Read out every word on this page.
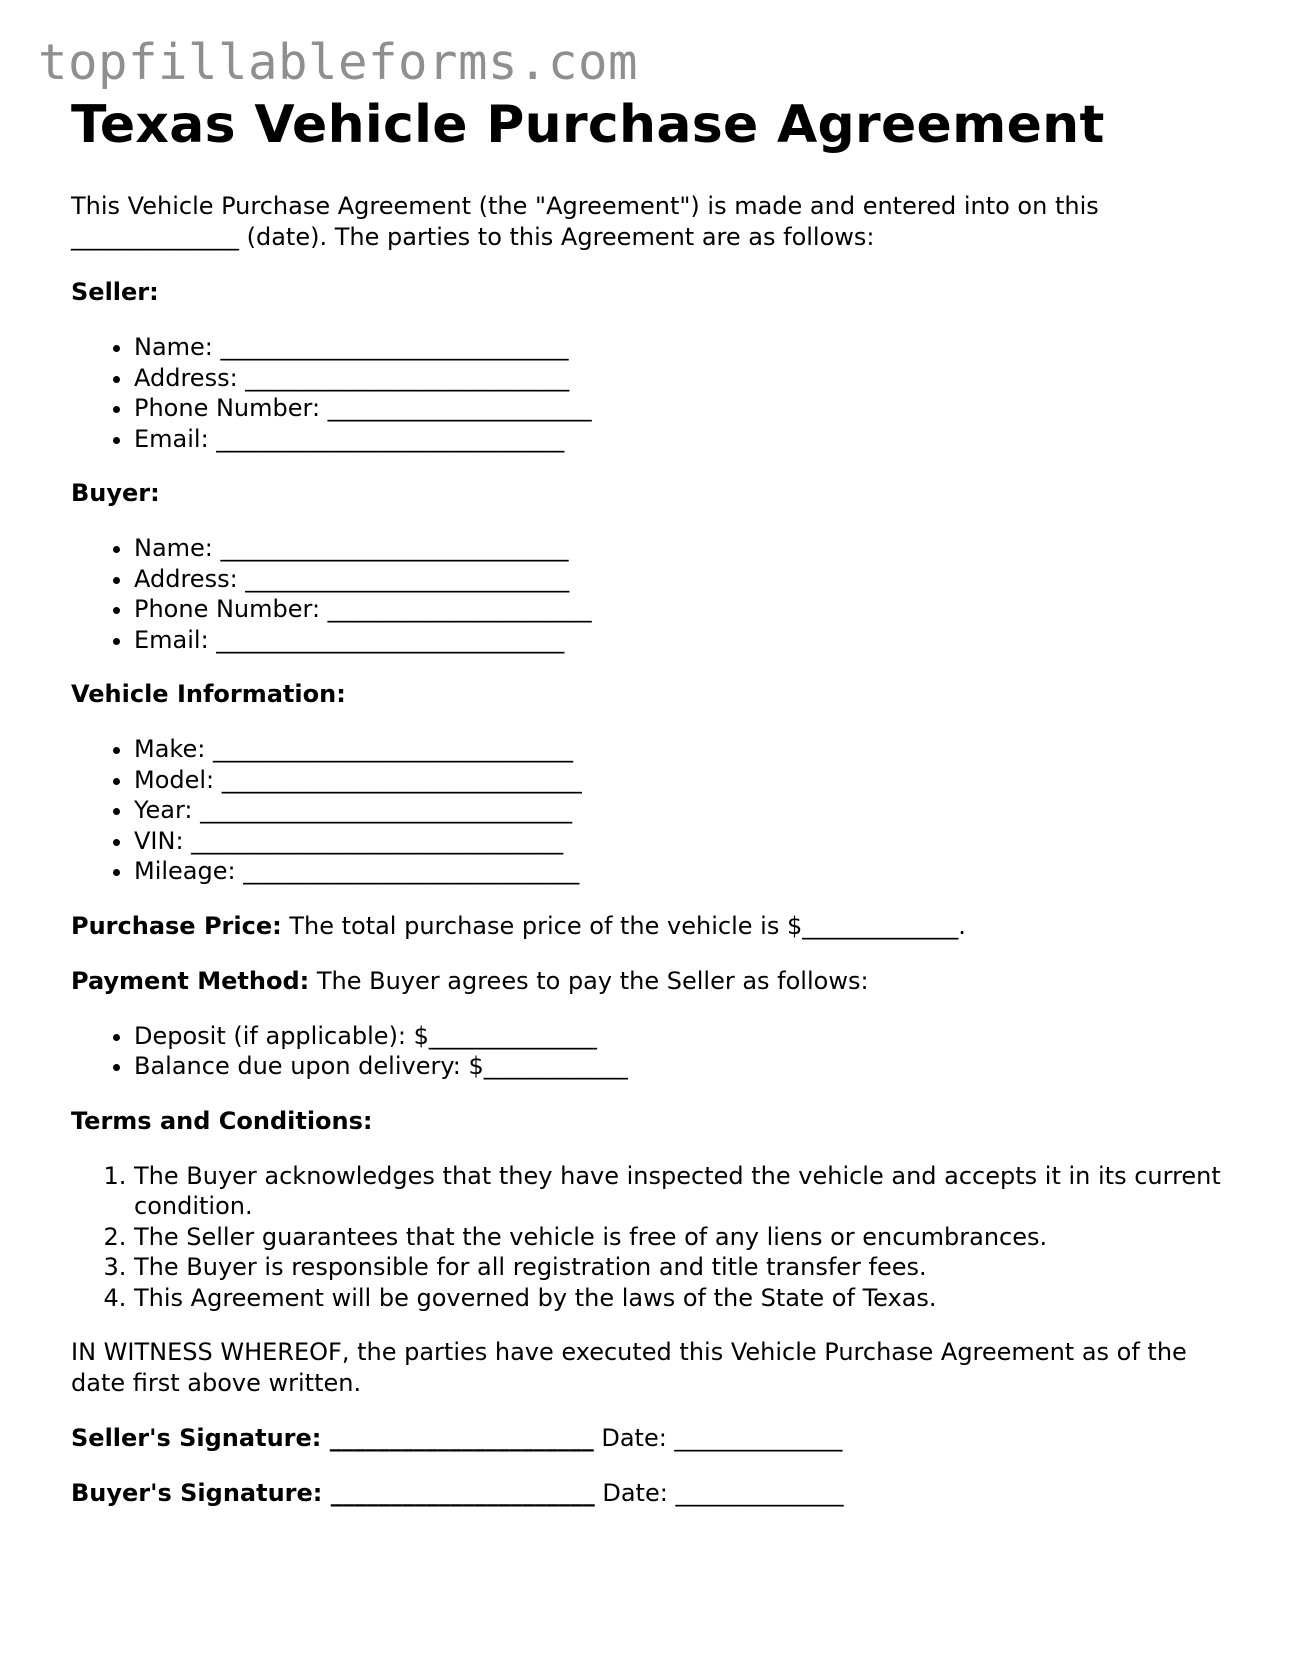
topfillableforms.com
Texas Vehicle Purchase Agreement

This Vehicle Purchase Agreement (the "Agreement") is made and entered into on this ______________ (date). The parties to this Agreement are as follows:

Seller:
• Name: _____________________________
• Address: ___________________________
• Phone Number: ______________________
• Email: _____________________________
Buyer:
• Name: _____________________________
• Address: ___________________________
• Phone Number: ______________________
• Email: _____________________________
Vehicle Information:
• Make: ______________________________
• Model: ______________________________
• Year: _______________________________
• VIN: _______________________________
• Mileage: ____________________________

Purchase Price: The total purchase price of the vehicle is $_____________.

Payment Method: The Buyer agrees to pay the Seller as follows:

• Deposit (if applicable): $______________
• Balance due upon delivery: $____________
Terms and Conditions:
1. The Buyer acknowledges that they have inspected the vehicle and accepts it in its current condition.
2. The Seller guarantees that the vehicle is free of any liens or encumbrances.
3. The Buyer is responsible for all registration and title transfer fees.
4. This Agreement will be governed by the laws of the State of Texas.

IN WITNESS WHEREOF, the parties have executed this Vehicle Purchase Agreement as of the date first above written.

Seller's Signature: ______________________ Date: ______________
Buyer's Signature: ______________________ Date: ______________
